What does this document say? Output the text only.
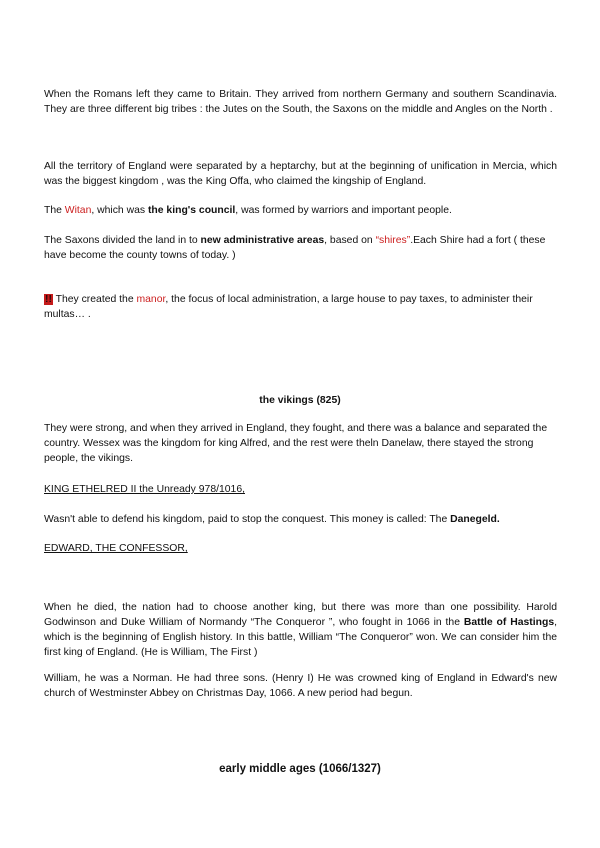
When the Romans left they came to Britain. They arrived from northern Germany and southern Scandinavia. They are three different big tribes : the Jutes on the South, the Saxons on the middle and Angles on the North .

All the territory of England were separated by a heptarchy, but at the beginning of unification in Mercia, which was the biggest kingdom , was the King Offa, who claimed the kingship of England.

The Witan, which was the king's council, was formed by warriors and important people.

The Saxons divided the land in to new administrative areas, based on “shires”.Each Shire had a fort ( these have become the county towns of today. )

!! They created the manor, the focus of local administration, a large house to pay taxes, to administer their multas… .

the vikings (825)

They were strong, and when they arrived in England, they fought, and there was a balance and separated the country. Wessex was the kingdom for king Alfred, and the rest were theln Danelaw, there stayed the strong people, the vikings.

KING ETHELRED II the Unready 978/1016,

Wasn't able to defend his kingdom, paid to stop the conquest. This money is called: The Danegeld.

EDWARD, THE CONFESSOR,

When he died, the nation had to choose another king, but there was more than one possibility. Harold Godwinson and Duke William of Normandy “The Conqueror ”, who fought in 1066 in the Battle of Hastings, which is the beginning of English history. In this battle, William “The Conqueror” won. We can consider him the first king of England. (He is William, The First )

William, he was a Norman. He had three sons. (Henry I) He was crowned king of England in Edward's new church of Westminster Abbey on Christmas Day, 1066. A new period had begun.

early middle ages (1066/1327)
